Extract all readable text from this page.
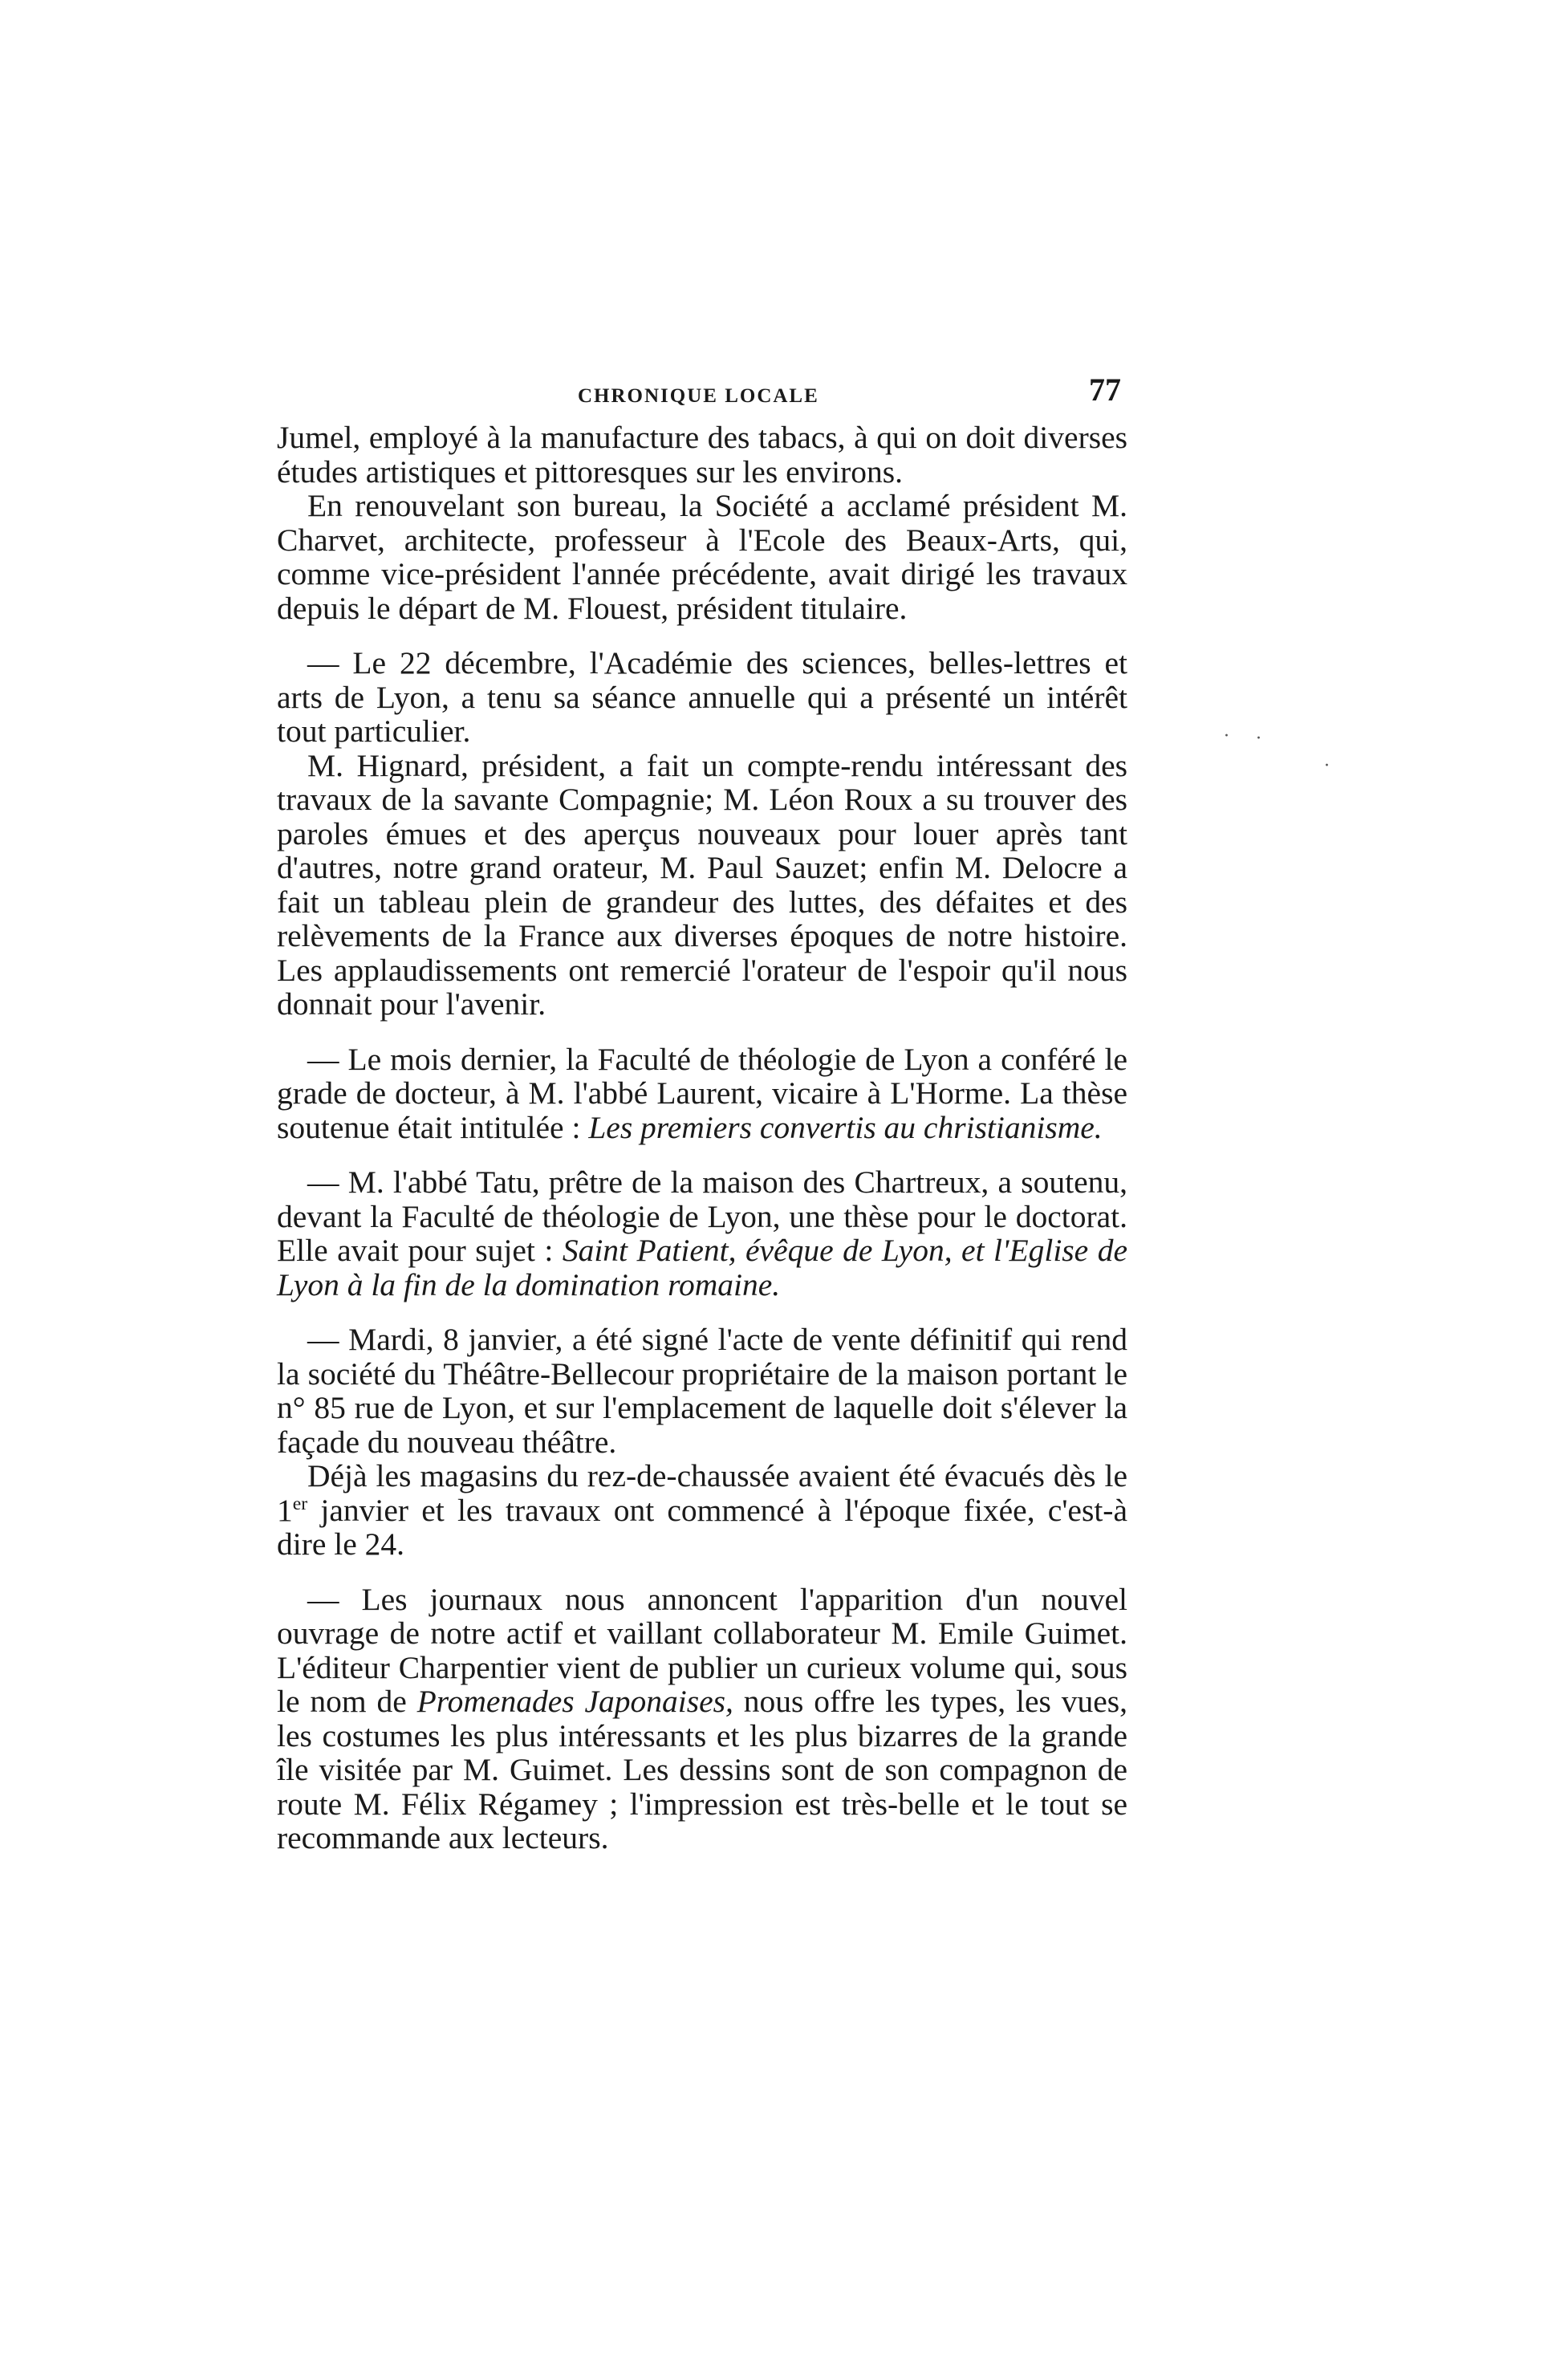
CHRONIQUE LOCALE	77

Jumel, employé à la manufacture des tabacs, à qui on doit diverses études artistiques et pittoresques sur les environs.

En renouvelant son bureau, la Société a acclamé président M. Charvet, architecte, professeur à l'Ecole des Beaux-Arts, qui, comme vice-président l'année précédente, avait dirigé les travaux depuis le départ de M. Flouest, président titulaire.

— Le 22 décembre, l'Académie des sciences, belles-lettres et arts de Lyon, a tenu sa séance annuelle qui a présenté un intérêt tout particulier.

M. Hignard, président, a fait un compte-rendu intéressant des travaux de la savante Compagnie; M. Léon Roux a su trouver des paroles émues et des aperçus nouveaux pour louer après tant d'autres, notre grand orateur, M. Paul Sauzet; enfin M. Delocre a fait un tableau plein de grandeur des luttes, des défaites et des relèvements de la France aux diverses époques de notre histoire. Les applaudissements ont remercié l'orateur de l'espoir qu'il nous donnait pour l'avenir.

— Le mois dernier, la Faculté de théologie de Lyon a conféré le grade de docteur, à M. l'abbé Laurent, vicaire à L'Horme. La thèse soutenue était intitulée : Les premiers convertis au christianisme.

— M. l'abbé Tatu, prêtre de la maison des Chartreux, a soutenu, devant la Faculté de théologie de Lyon, une thèse pour le doctorat. Elle avait pour sujet : Saint Patient, évêque de Lyon, et l'Eglise de Lyon à la fin de la domination romaine.

— Mardi, 8 janvier, a été signé l'acte de vente définitif qui rend la société du Théâtre-Bellecour propriétaire de la maison portant le n° 85 rue de Lyon, et sur l'emplacement de laquelle doit s'élever la façade du nouveau théâtre.

Déjà les magasins du rez-de-chaussée avaient été évacués dès le 1er janvier et les travaux ont commencé à l'époque fixée, c'est-à dire le 24.

— Les journaux nous annoncent l'apparition d'un nouvel ouvrage de notre actif et vaillant collaborateur M. Emile Guimet. L'éditeur Charpentier vient de publier un curieux volume qui, sous le nom de Promenades Japonaises, nous offre les types, les vues, les costumes les plus intéressants et les plus bizarres de la grande île visitée par M. Guimet. Les dessins sont de son compagnon de route M. Félix Régamey ; l'impression est très-belle et le tout se recommande aux lecteurs.

· ·
·
